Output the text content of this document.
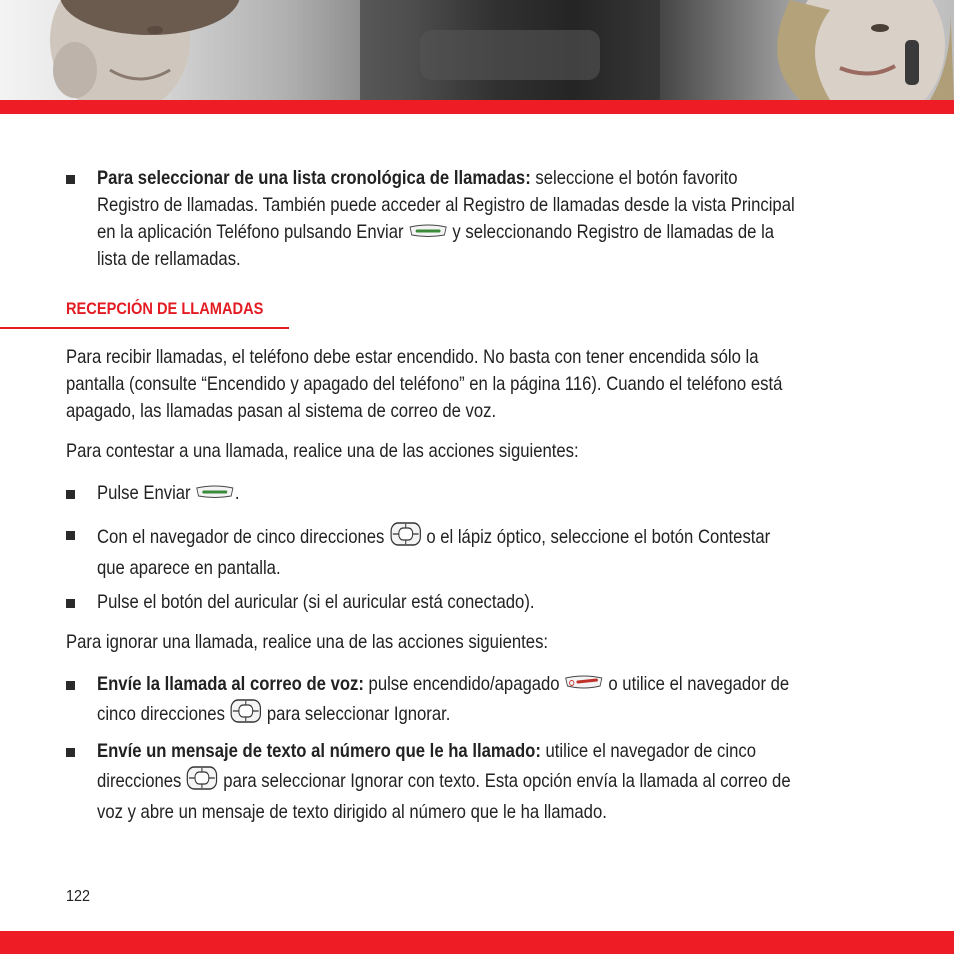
Para seleccionar de una lista cronológica de llamadas: seleccione el botón favorito
Registro de llamadas. También puede acceder al Registro de llamadas desde la vista Principal
en la aplicación Teléfono pulsando Enviar  y seleccionando Registro de llamadas de la
lista de rellamadas.

RECEPCIÓN DE LLAMADAS

Para recibir llamadas, el teléfono debe estar encendido. No basta con tener encendida sólo la
pantalla (consulte “Encendido y apagado del teléfono” en la página 116). Cuando el teléfono está
apagado, las llamadas pasan al sistema de correo de voz.

Para contestar a una llamada, realice una de las acciones siguientes:

Pulse Enviar .

Con el navegador de cinco direcciones  o el lápiz óptico, seleccione el botón Contestar
que aparece en pantalla.

Pulse el botón del auricular (si el auricular está conectado).

Para ignorar una llamada, realice una de las acciones siguientes:

Envíe la llamada al correo de voz: pulse encendido/apagado  o utilice el navegador de
cinco direcciones  para seleccionar Ignorar.

Envíe un mensaje de texto al número que le ha llamado: utilice el navegador de cinco
direcciones  para seleccionar Ignorar con texto. Esta opción envía la llamada al correo de
voz y abre un mensaje de texto dirigido al número que le ha llamado.

122
